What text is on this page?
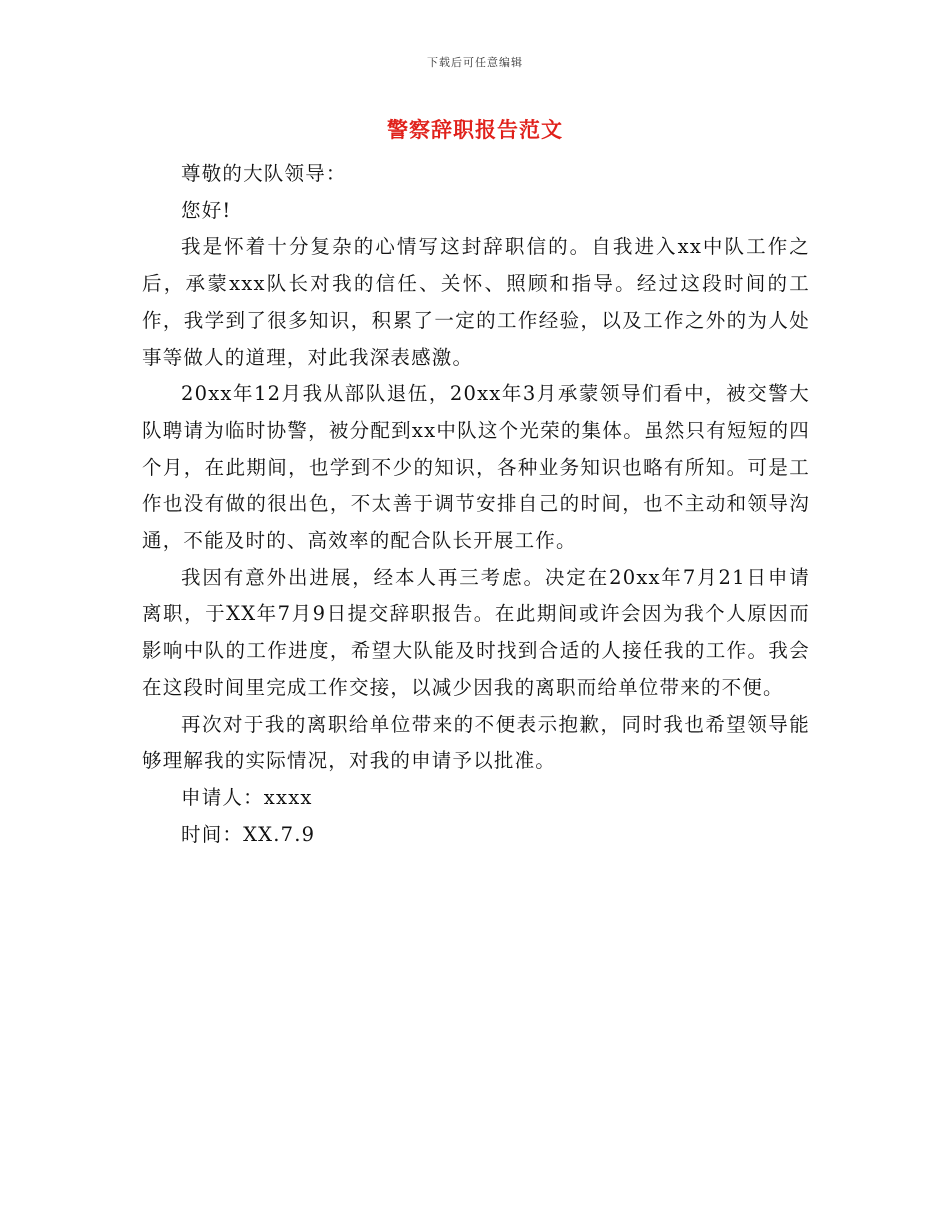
下载后可任意编辑
警察辞职报告范文

尊敬的大队领导：

您好!

我是怀着十分复杂的心情写这封辞职信的。自我进入xx中队工作之后，承蒙xxx队长对我的信任、关怀、照顾和指导。经过这段时间的工作，我学到了很多知识，积累了一定的工作经验，以及工作之外的为人处事等做人的道理，对此我深表感激。

20xx年12月我从部队退伍，20xx年3月承蒙领导们看中，被交警大队聘请为临时协警，被分配到xx中队这个光荣的集体。虽然只有短短的四个月，在此期间，也学到不少的知识，各种业务知识也略有所知。可是工作也没有做的很出色，不太善于调节安排自己的时间，也不主动和领导沟通，不能及时的、高效率的配合队长开展工作。

我因有意外出进展，经本人再三考虑。决定在20xx年7月21日申请离职，于XX年7月9日提交辞职报告。在此期间或许会因为我个人原因而影响中队的工作进度，希望大队能及时找到合适的人接任我的工作。我会在这段时间里完成工作交接，以减少因我的离职而给单位带来的不便。

再次对于我的离职给单位带来的不便表示抱歉，同时我也希望领导能够理解我的实际情况，对我的申请予以批准。

申请人：xxxx

时间：XX.7.9
